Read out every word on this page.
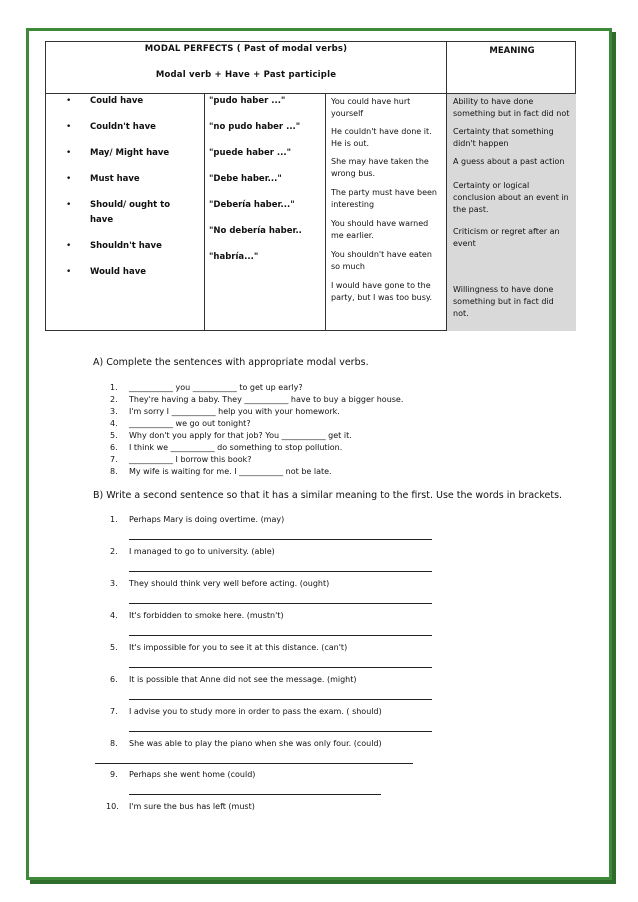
MODAL PERFECTS ( Past of modal verbs)
Modal verb + Have + Past participle
MEANING
• Could have
• Couldn't have
• May/ Might have
• Must have
• Should/ ought to
have
• Shouldn't have
• Would have
"pudo haber ..."
"no pudo haber ..."
"puede haber ..."
"Debe haber..."
"Debería haber..."
"No debería haber..
"habría..."
You could have hurt
yourself
He couldn't have done it.
He is out.
She may have taken the
wrong bus.
The party must have been
interesting
You should have warned
me earlier.
You shouldn't have eaten
so much
I would have gone to the
party, but I was too busy.
Ability to have done
something but in fact did not
Certainty that something
didn't happen
A guess about a past action
Certainty or logical
conclusion about an event in
the past.
Criticism or regret after an
event
Willingness to have done
something but in fact did
not.
A) Complete the sentences with appropriate modal verbs.
1. ___________ you ___________ to get up early?
2. They're having a baby. They ___________ have to buy a bigger house.
3. I'm sorry I ___________ help you with your homework.
4. ___________ we go out tonight?
5. Why don't you apply for that job? You ___________ get it.
6. I think we ___________ do something to stop pollution.
7. ___________ I borrow this book?
8. My wife is waiting for me. I ___________ not be late.
B) Write a second sentence so that it has a similar meaning to the first. Use the words in brackets.
1. Perhaps Mary is doing overtime. (may)
2. I managed to go to university. (able)
3. They should think very well before acting. (ought)
4. It's forbidden to smoke here. (mustn't)
5. It's impossible for you to see it at this distance. (can't)
6. It is possible that Anne did not see the message. (might)
7. I advise you to study more in order to pass the exam. ( should)
8. She was able to play the piano when she was only four. (could)
9. Perhaps she went home (could)
10. I'm sure the bus has left (must)
